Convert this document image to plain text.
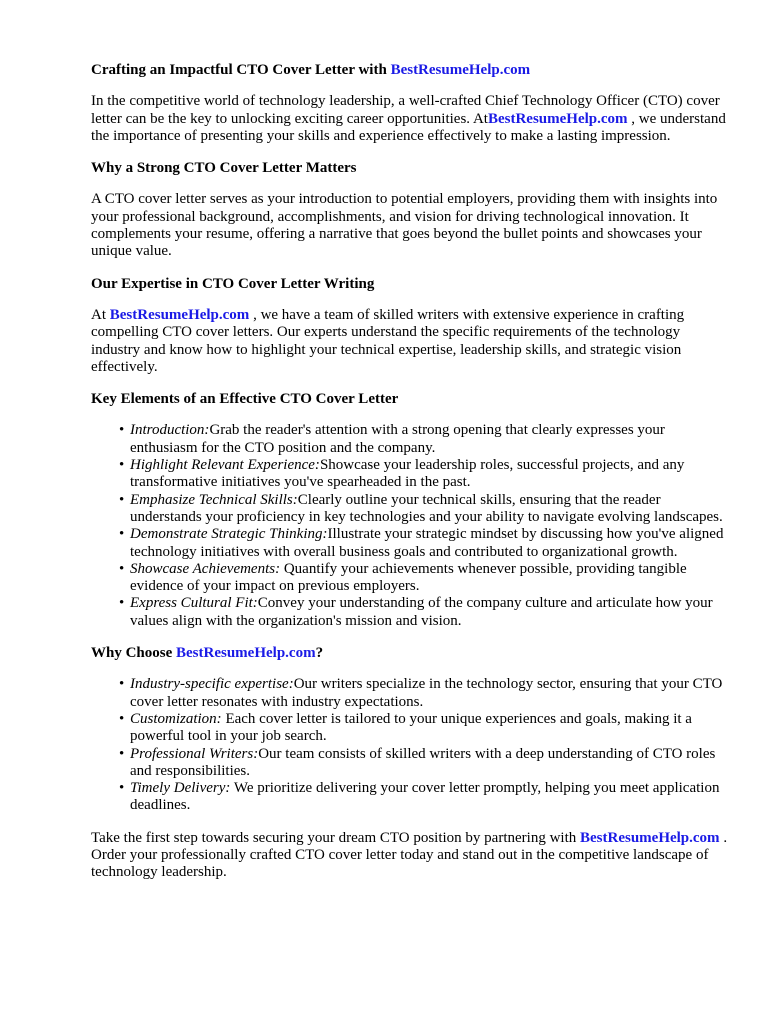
Crafting an Impactful CTO Cover Letter with BestResumeHelp.com

In the competitive world of technology leadership, a well-crafted Chief Technology Officer (CTO) cover letter can be the key to unlocking exciting career opportunities. AtBestResumeHelp.com , we understand the importance of presenting your skills and experience effectively to make a lasting impression.

Why a Strong CTO Cover Letter Matters

A CTO cover letter serves as your introduction to potential employers, providing them with insights into your professional background, accomplishments, and vision for driving technological innovation. It complements your resume, offering a narrative that goes beyond the bullet points and showcases your unique value.

Our Expertise in CTO Cover Letter Writing

At BestResumeHelp.com , we have a team of skilled writers with extensive experience in crafting compelling CTO cover letters. Our experts understand the specific requirements of the technology industry and know how to highlight your technical expertise, leadership skills, and strategic vision effectively.

Key Elements of an Effective CTO Cover Letter
• Introduction:Grab the reader's attention with a strong opening that clearly expresses your enthusiasm for the CTO position and the company.
• Highlight Relevant Experience:Showcase your leadership roles, successful projects, and any transformative initiatives you've spearheaded in the past.
• Emphasize Technical Skills:Clearly outline your technical skills, ensuring that the reader understands your proficiency in key technologies and your ability to navigate evolving landscapes.
• Demonstrate Strategic Thinking:Illustrate your strategic mindset by discussing how you've aligned technology initiatives with overall business goals and contributed to organizational growth.
• Showcase Achievements: Quantify your achievements whenever possible, providing tangible evidence of your impact on previous employers.
• Express Cultural Fit:Convey your understanding of the company culture and articulate how your values align with the organization's mission and vision.
Why Choose BestResumeHelp.com?
• Industry-specific expertise:Our writers specialize in the technology sector, ensuring that your CTO cover letter resonates with industry expectations.
• Customization: Each cover letter is tailored to your unique experiences and goals, making it a powerful tool in your job search.
• Professional Writers:Our team consists of skilled writers with a deep understanding of CTO roles and responsibilities.
• Timely Delivery: We prioritize delivering your cover letter promptly, helping you meet application deadlines.

Take the first step towards securing your dream CTO position by partnering with BestResumeHelp.com . Order your professionally crafted CTO cover letter today and stand out in the competitive landscape of technology leadership.
